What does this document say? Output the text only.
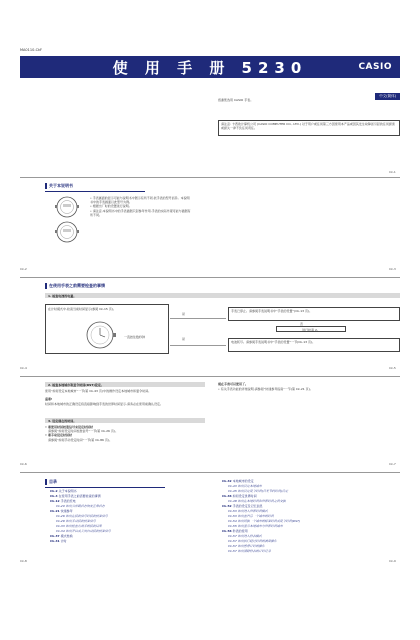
MA0110-CkF
使 用 手 册 5230	CASIO
中文(简体)
感谢您选用 CASIO 手表。
请注意: 卡西欧计算机公司 (CASIO COMPUTER CO., LTD.) 对于用户或任何第三方因使用本产品或因其发生故障而引起的任何损害或损失一律不负任何责任。
Ck-1
关于本说明书
• 手表画面的显示可能与说明书中图示有所不同,依手表的型号而异。本说明书中的手表画面以此型号为例。
• 根据出厂时的设置进行说明。
• 请注意,本说明书中的手表插图只起参考作用,手表的实际外观可能与插图有所不同。
Ck-2	Ck-3
在使用手表之前需要检查的事情
1. 检查电池的电量。
在计时模式中,检查当前时间显示(参阅 Ck-15 页)。
一直按住数秒钟
是
手表已停止。请参阅手表说明书中“手表的设置”(Ck-13 页)。
否
进行检查 2。
是
电池耗尽。请参阅手表说明书中“手表的设置”一节(Ck-13 页)。
Ck-4	Ck-5
2. 检查本地城市和夏令时间(DST)设定。
使用“如何设定本地城市”一节(第 Ck-43 页)中的操作设定本地城市和夏令时间。
重要!
时间和本地城市的正确设定将直接影响到手表的世界时间显示,请务必在使用前确认设定。
3. 设定现在的时间。
• 要使用时间校准信号来设定时间时
请参阅“如何设定时间校准信号”一节(第 Ck-26 页)。
• 要手动设定时间时
请参阅“如何手动设定时间”一节(第 Ck-86 页)。
现在手表可以使用了。
• 有关手表功能的详细说明,请参阅“快速参考指南”一节(第 Ck-21 页)。
Ck-6	Ck-7
目录
Ck-2 关于本说明书
Ck-4 在使用手表之前需要检查的事情
Ck-12 手表的充电
Ck-20 如何从休眠状态恢复正常状态
Ck-21 快速参考
Ck-26 如何在接收信号时接收校准信号
Ck-29 如何手动接收校准信号
Ck-33 如何检查有效手的接收结果
Ck-34 如何开启或关闭自动接收校准信号
Ck-37 模式转换
Ck-41 计时
Ck-42 本地城市的设定
Ck-43 如何设定本地城市
Ck-45 如何设定夏令时间(日光节约时间)设定
Ck-46 如何设定世界时间
Ck-48 如何在本地时间和世界时间之间交换
Ck-52 手表的设定及记忆信息
Ck-53 如何进入世界时间模式
Ck-53 如何查看另一个城市的时间
Ck-54 如何切换一个城市的标准时间或夏令时间(DST)
Ck-55 如何显示本地城市与世界时间城市
Ck-56 秒表的使用
Ck-57 如何进入秒表模式
Ck-57 如何执行经过时间的测量操作
Ck-57 如何暂停计时的操作
Ck-57 如何清除秒表的计时记录
Ck-8	Ck-9
